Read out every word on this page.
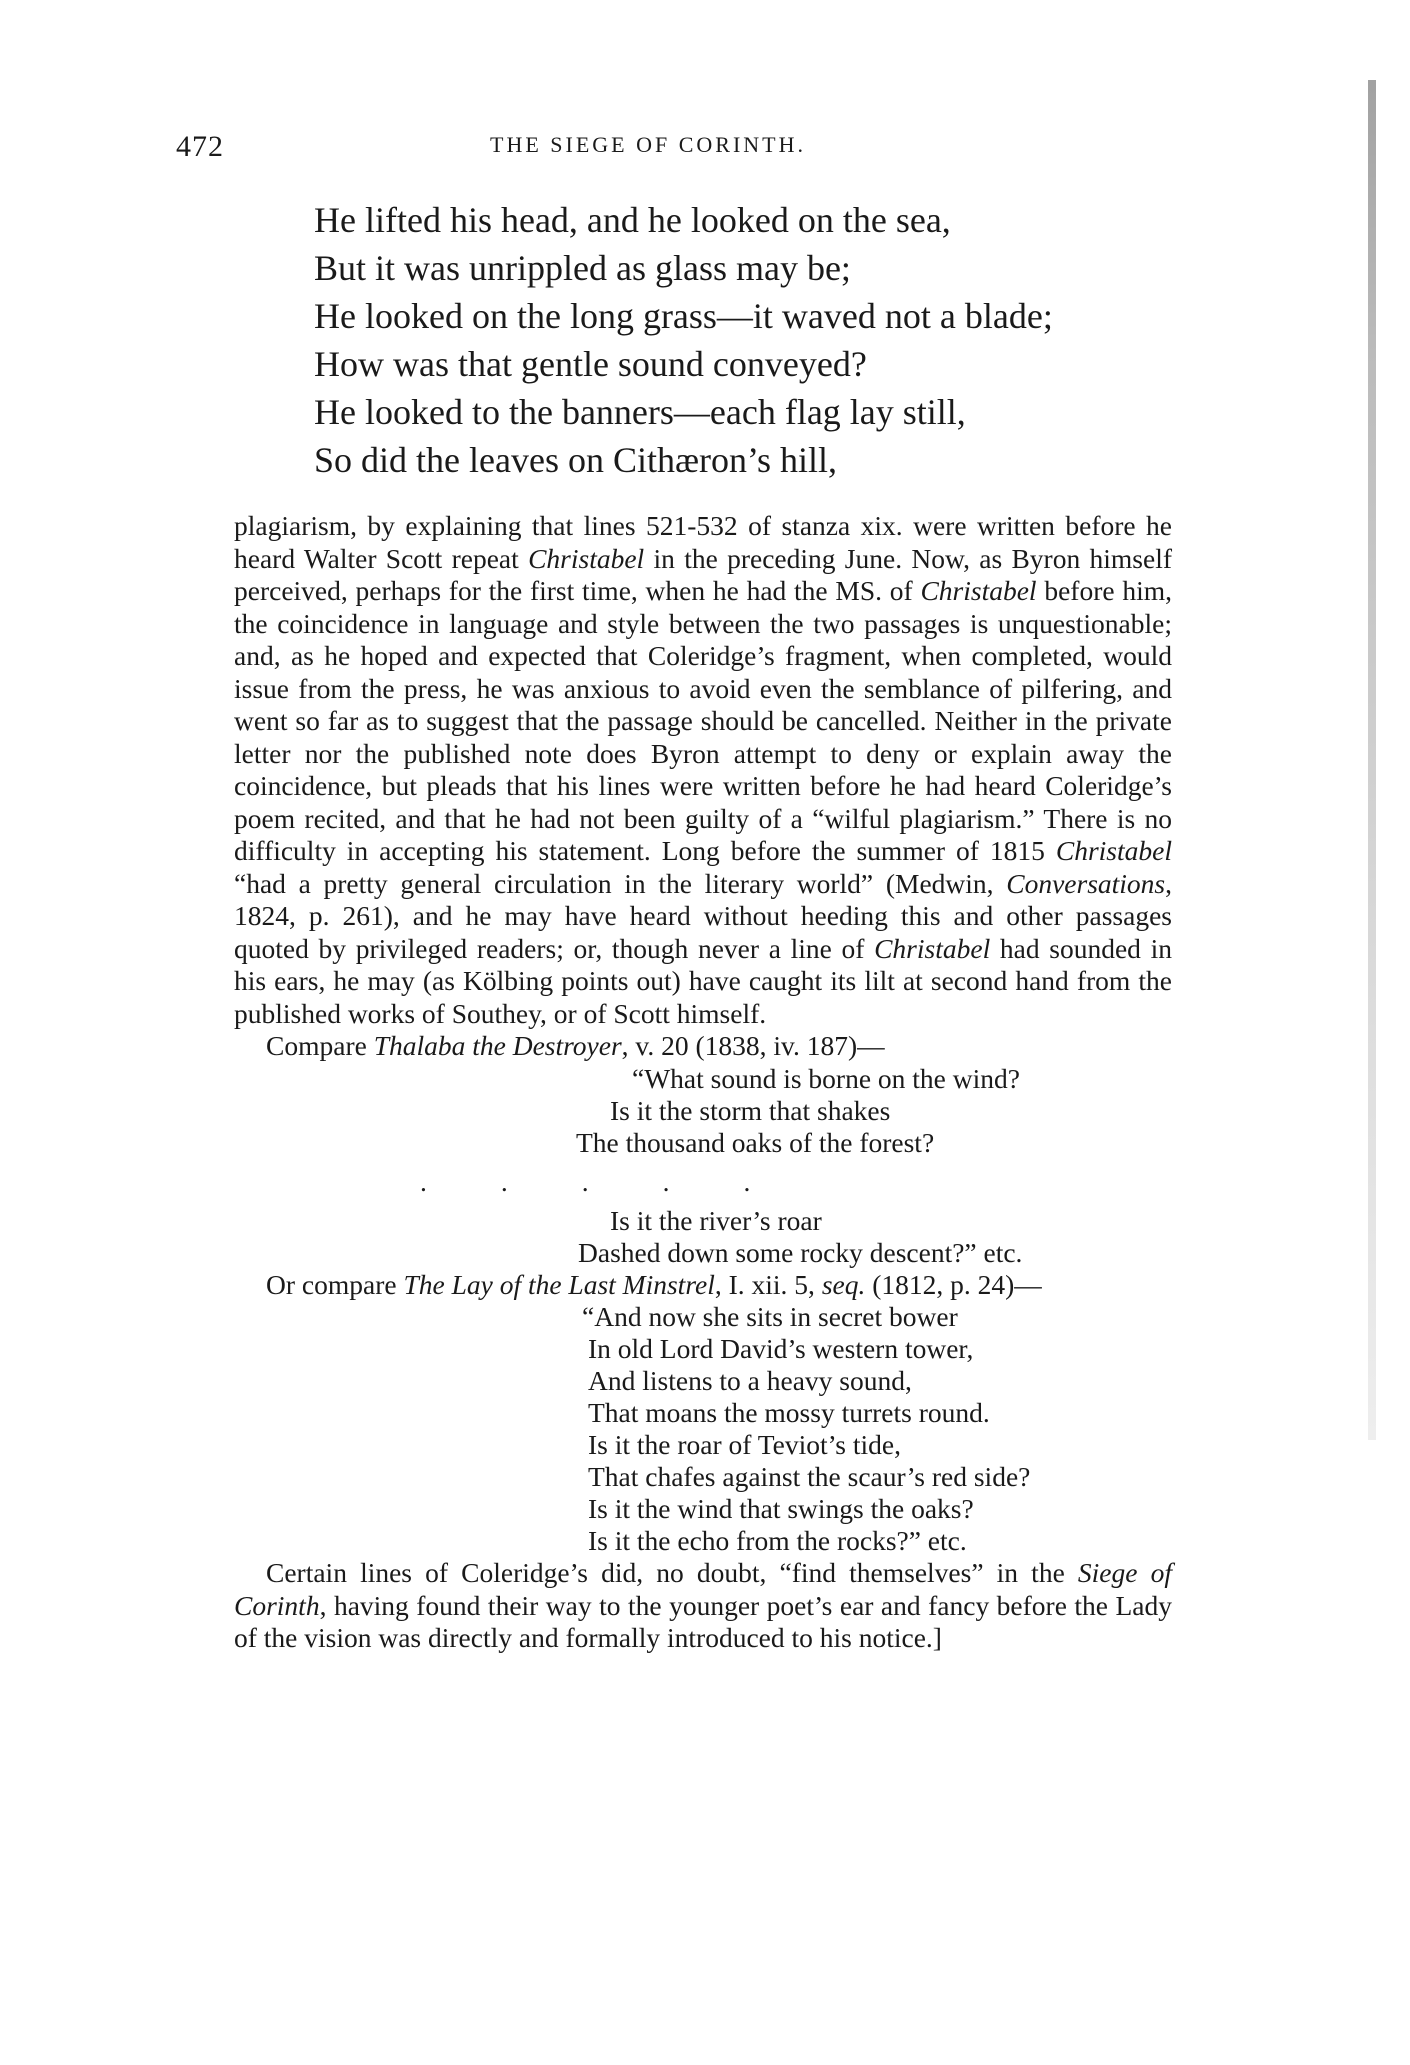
472	THE SIEGE OF CORINTH.
He lifted his head, and he looked on the sea,
But it was unrippled as glass may be;
He looked on the long grass—it waved not a blade;
How was that gentle sound conveyed?
He looked to the banners—each flag lay still,
So did the leaves on Cithæron’s hill,

plagiarism, by explaining that lines 521-532 of stanza xix. were written before he heard Walter Scott repeat Christabel in the preceding June. Now, as Byron himself perceived, perhaps for the first time, when he had the MS. of Christabel before him, the coincidence in language and style between the two passages is unquestionable; and, as he hoped and expected that Coleridge’s fragment, when completed, would issue from the press, he was anxious to avoid even the semblance of pilfering, and went so far as to suggest that the passage should be cancelled. Neither in the private letter nor the published note does Byron attempt to deny or explain away the coincidence, but pleads that his lines were written before he had heard Coleridge’s poem recited, and that he had not been guilty of a “wilful plagiarism.” There is no difficulty in accepting his statement. Long before the summer of 1815 Christabel “had a pretty general circulation in the literary world” (Medwin, Conversations, 1824, p. 261), and he may have heard without heeding this and other passages quoted by privileged readers; or, though never a line of Christabel had sounded in his ears, he may (as Kölbing points out) have caught its lilt at second hand from the published works of Southey, or of Scott himself.

Compare Thalaba the Destroyer, v. 20 (1838, iv. 187)—

“What sound is borne on the wind?
Is it the storm that shakes
The thousand oaks of the forest?
.....
Is it the river’s roar
Dashed down some rocky descent?” etc.

Or compare The Lay of the Last Minstrel, I. xii. 5, seq. (1812, p. 24)—

“And now she sits in secret bower
In old Lord David’s western tower,
And listens to a heavy sound,
That moans the mossy turrets round.
Is it the roar of Teviot’s tide,
That chafes against the scaur’s red side?
Is it the wind that swings the oaks?
Is it the echo from the rocks?” etc.

Certain lines of Coleridge’s did, no doubt, “find themselves” in the Siege of Corinth, having found their way to the younger poet’s ear and fancy before the Lady of the vision was directly and formally introduced to his notice.]
